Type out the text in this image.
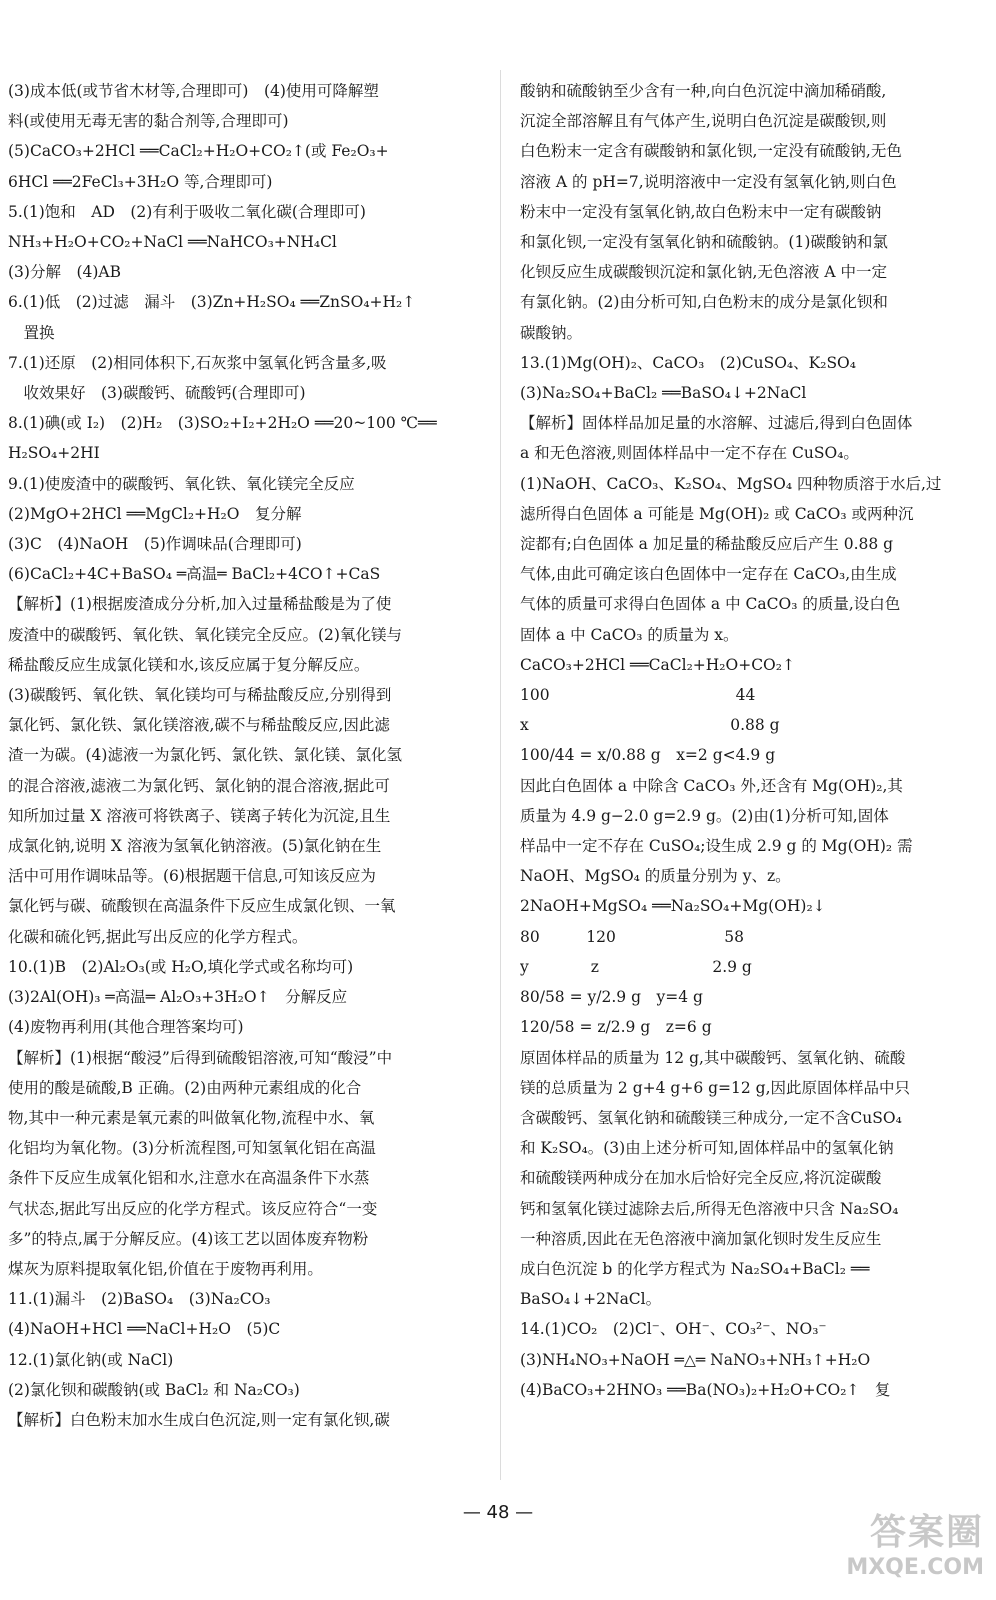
(3)成本低(或节省木材等,合理即可)　(4)使用可降解塑
料(或使用无毒无害的黏合剂等,合理即可)
(5)CaCO₃+2HCl ══CaCl₂+H₂O+CO₂↑(或 Fe₂O₃+
6HCl ══2FeCl₃+3H₂O 等,合理即可)
5.(1)饱和　AD　(2)有利于吸收二氧化碳(合理即可)
NH₃+H₂O+CO₂+NaCl ══NaHCO₃+NH₄Cl
(3)分解　(4)AB
6.(1)低　(2)过滤　漏斗　(3)Zn+H₂SO₄ ══ZnSO₄+H₂↑
　置换
7.(1)还原　(2)相同体积下,石灰浆中氢氧化钙含量多,吸
　收效果好　(3)碳酸钙、硫酸钙(合理即可)
8.(1)碘(或 I₂)　(2)H₂　(3)SO₂+I₂+2H₂O ══20~100 ℃══
H₂SO₄+2HI
9.(1)使废渣中的碳酸钙、氧化铁、氧化镁完全反应
(2)MgO+2HCl ══MgCl₂+H₂O　复分解
(3)C　(4)NaOH　(5)作调味品(合理即可)
(6)CaCl₂+4C+BaSO₄ ═高温═ BaCl₂+4CO↑+CaS
【解析】(1)根据废渣成分分析,加入过量稀盐酸是为了使
废渣中的碳酸钙、氧化铁、氧化镁完全反应。(2)氧化镁与
稀盐酸反应生成氯化镁和水,该反应属于复分解反应。
(3)碳酸钙、氧化铁、氧化镁均可与稀盐酸反应,分别得到
氯化钙、氯化铁、氯化镁溶液,碳不与稀盐酸反应,因此滤
渣一为碳。(4)滤液一为氯化钙、氯化铁、氯化镁、氯化氢
的混合溶液,滤液二为氯化钙、氯化钠的混合溶液,据此可
知所加过量 X 溶液可将铁离子、镁离子转化为沉淀,且生
成氯化钠,说明 X 溶液为氢氧化钠溶液。(5)氯化钠在生
活中可用作调味品等。(6)根据题干信息,可知该反应为
氯化钙与碳、硫酸钡在高温条件下反应生成氯化钡、一氧
化碳和硫化钙,据此写出反应的化学方程式。
10.(1)B　(2)Al₂O₃(或 H₂O,填化学式或名称均可)
(3)2Al(OH)₃ ═高温═ Al₂O₃+3H₂O↑　分解反应
(4)废物再利用(其他合理答案均可)
【解析】(1)根据“酸浸”后得到硫酸铝溶液,可知“酸浸”中
使用的酸是硫酸,B 正确。(2)由两种元素组成的化合
物,其中一种元素是氧元素的叫做氧化物,流程中水、氧
化铝均为氧化物。(3)分析流程图,可知氢氧化铝在高温
条件下反应生成氧化铝和水,注意水在高温条件下水蒸
气状态,据此写出反应的化学方程式。该反应符合“一变
多”的特点,属于分解反应。(4)该工艺以固体废弃物粉
煤灰为原料提取氧化铝,价值在于废物再利用。
11.(1)漏斗　(2)BaSO₄　(3)Na₂CO₃
(4)NaOH+HCl ══NaCl+H₂O　(5)C
12.(1)氯化钠(或 NaCl)
(2)氯化钡和碳酸钠(或 BaCl₂ 和 Na₂CO₃)
【解析】白色粉末加水生成白色沉淀,则一定有氯化钡,碳
酸钠和硫酸钠至少含有一种,向白色沉淀中滴加稀硝酸,
沉淀全部溶解且有气体产生,说明白色沉淀是碳酸钡,则
白色粉末一定含有碳酸钠和氯化钡,一定没有硫酸钠,无色
溶液 A 的 pH=7,说明溶液中一定没有氢氧化钠,则白色
粉末中一定没有氢氧化钠,故白色粉末中一定有碳酸钠
和氯化钡,一定没有氢氧化钠和硫酸钠。(1)碳酸钠和氯
化钡反应生成碳酸钡沉淀和氯化钠,无色溶液 A 中一定
有氯化钠。(2)由分析可知,白色粉末的成分是氯化钡和
碳酸钠。
13.(1)Mg(OH)₂、CaCO₃　(2)CuSO₄、K₂SO₄
(3)Na₂SO₄+BaCl₂ ══BaSO₄↓+2NaCl
【解析】固体样品加足量的水溶解、过滤后,得到白色固体
a 和无色溶液,则固体样品中一定不存在 CuSO₄。
(1)NaOH、CaCO₃、K₂SO₄、MgSO₄ 四种物质溶于水后,过
滤所得白色固体 a 可能是 Mg(OH)₂ 或 CaCO₃ 或两种沉
淀都有;白色固体 a 加足量的稀盐酸反应后产生 0.88 g
气体,由此可确定该白色固体中一定存在 CaCO₃,由生成
气体的质量可求得白色固体 a 中 CaCO₃ 的质量,设白色
固体 a 中 CaCO₃ 的质量为 x。
CaCO₃+2HCl ══CaCl₂+H₂O+CO₂↑
100　　　　　　　　　　　　44
x　　　　　　　　　　　　　0.88 g
100/44 = x/0.88 g　x=2 g<4.9 g
因此白色固体 a 中除含 CaCO₃ 外,还含有 Mg(OH)₂,其
质量为 4.9 g−2.0 g=2.9 g。(2)由(1)分析可知,固体
样品中一定不存在 CuSO₄;设生成 2.9 g 的 Mg(OH)₂ 需
NaOH、MgSO₄ 的质量分别为 y、z。
2NaOH+MgSO₄ ══Na₂SO₄+Mg(OH)₂↓
80　　　120　　　　　　　58
y　　　　z　　　　　　　 2.9 g
80/58 = y/2.9 g　y=4 g
120/58 = z/2.9 g　z=6 g
原固体样品的质量为 12 g,其中碳酸钙、氢氧化钠、硫酸
镁的总质量为 2 g+4 g+6 g=12 g,因此原固体样品中只
含碳酸钙、氢氧化钠和硫酸镁三种成分,一定不含CuSO₄
和 K₂SO₄。(3)由上述分析可知,固体样品中的氢氧化钠
和硫酸镁两种成分在加水后恰好完全反应,将沉淀碳酸
钙和氢氧化镁过滤除去后,所得无色溶液中只含 Na₂SO₄
一种溶质,因此在无色溶液中滴加氯化钡时发生反应生
成白色沉淀 b 的化学方程式为 Na₂SO₄+BaCl₂ ══
BaSO₄↓+2NaCl。
14.(1)CO₂　(2)Cl⁻、OH⁻、CO₃²⁻、NO₃⁻
(3)NH₄NO₃+NaOH ═△═ NaNO₃+NH₃↑+H₂O
(4)BaCO₃+2HNO₃ ══Ba(NO₃)₂+H₂O+CO₂↑　复
— 48 —	答案圈
MXQE.COM
